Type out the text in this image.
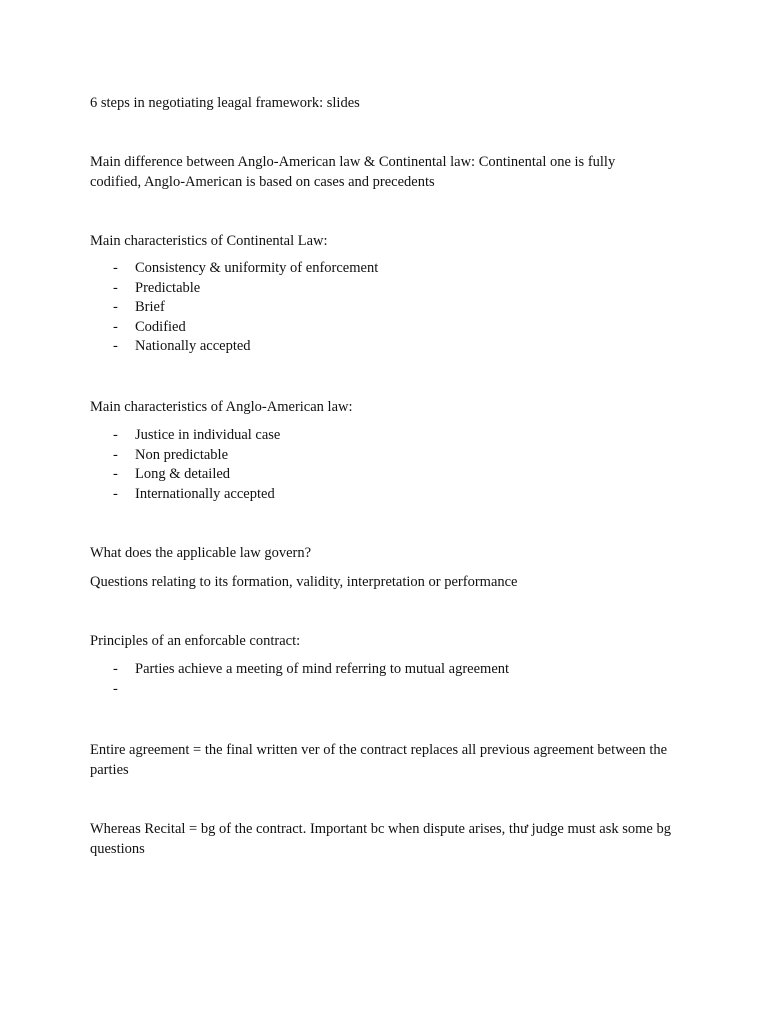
6 steps in negotiating leagal framework: slides

Main difference between Anglo-American law & Continental law: Continental one is fully codified, Anglo-American is based on cases and precedents

Main characteristics of Continental Law:

-	Consistency & uniformity of enforcement
-	Predictable
-	Brief
-	Codified
-	Nationally accepted

Main characteristics of Anglo-American law:

-	Justice in individual case
-	Non predictable
-	Long & detailed
-	Internationally accepted

What does the applicable law govern?

Questions relating to its formation, validity, interpretation or performance

Principles of an enforcable contract:

-	Parties achieve a meeting of mind referring to mutual agreement
-

Entire agreement = the final written ver of the contract replaces all previous agreement between the parties

Whereas Recital = bg of the contract. Important bc when dispute arises, thư judge must ask some bg questions
